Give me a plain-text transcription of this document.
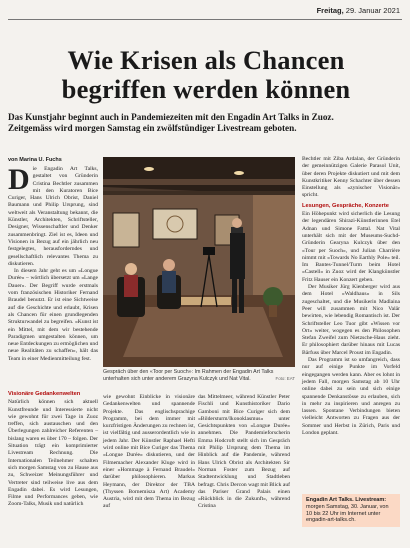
Freitag, 29. Januar 2021
Wie Krisen als Chancen
begriffen werden können
Das Kunstjahr beginnt auch in Pandemiezeiten mit den Engadin Art Talks in Zuoz.
Zeitgemäss wird morgen Samstag ein zwölfstündiger Livestream geboten.
von Marina U. Fuchs
D ie Engadin Art Talks, gestaltet von Gründerin Cristina Bechtler zusammen mit den Kuratoren Bice Curiger, Hans Ulrich Obrist, Daniel Baumann und Philip Ursprung, sind weltweit als Veranstaltung bekannt, die Künstler, Architekten, Schriftsteller, Designer, Wissenschaftler und Denker zusammenbringt. Ziel ist es, Ideen und Visionen in Bezug auf ein jährlich neu festgelegtes, herausforderndes und gesellschaftlich relevantes Thema zu diskutieren.

In diesem Jahr geht es um «Longue Durée» – wörtlich übersetzt um «Lange Dauer». Der Begriff wurde erstmals vom französischen Historiker Fernand Braudel benutzt. Er ist eine Sichtweise auf die Geschichte und erlaubt, Krisen als Chancen für einen grundlegenden Strukturwandel zu begreifen. «Kunst ist ein Mittel, mit dem wir bestehende Paradigmen umgestalten können, um neue Entdeckungen zu ermöglichen und neue Realitäten zu schaffen», hält das Team in einer Medienmitteilung fest.

Visionäre Gedankenwelten

Natürlich können sich aktuell Kunstfreunde und Interessierte nicht wie gewohnt für zwei Tage in Zuoz treffen, sich austauschen und den Überlegungen zahlreicher Referenten – bislang waren es über 170 – folgen. Der Situation trägt ein komprimierter Livestream Rechnung. Die Internationalen Teilnehmer schalten sich morgen Samstag von zu Hause aus zu, Schweizer Meinungsführer und Vertreter sind teilweise live aus dem Engadin dabei. Es wird Lesungen, Filme und Performances geben, wie Zoom-Talks, Musik und natürlich

Gespräch über den «Toor per Suoch»: Im Rahmen der Engadin Art Talks unterhalten sich unter anderem Grazyna Kulczyk und Nat Vital.	Foto: EAT

wie gewohnt Einblicke in visionäre Gedankenwelten und spannende Projekte. Das englischsprachige Programm, bei dem immer mit kurzfristigen Änderungen zu rechnen ist, ist vielfältig und ausserordentlich wie in jedem Jahr. Der Künstler Raphael Hefti wird online mit Bice Curiger das Thema «Longue Durée» diskutieren, und der Filmemacher Alexander Kluge wird in einer «Hommage à Fernand Braudel» darüber philosophieren. Markus Heymann, der Direktor der TBA (Thyssen Bornemisza Art) Academy Austria, wird mit dem Thema im Bezug auf

das Mittelmeer, während Künstler Peter Fischli und Kunsthistoriker Dario Gamboni mit Bice Curiger sich dem «Bildersturm/Ikonoklasmus» unter Gesichtspunkten von «Longue Durée» annehmen. Die Pandemieforscherin Emma Hodcroft stellt sich im Gespräch mit Philip Ursprung dem Thema im Hinblick auf die Pandemie, während Hans Ulrich Obrist als Architekten Sir Norman Foster zum Bezug auf Stadtentwicklung und Stadtleben befragt. Chris Dercon wagt mit Blick auf das Pariser Grand Palais einen «Rückblick in die Zukunft», während Cristina

Bechtler mit Ziba Ardalan, der Gründerin der gemeinnützigen Galerie Parasol Unit, über deren Projekte diskutiert und mit dem Kunstkritiker Kenny Schachter über dessen Einstellung als «zynischer Visionär» spricht.

Lesungen, Gespräche, Konzerte

Ein Höhepunkt wird sicherlich die Lesung der legendären Shirazi-Künstlerinnen Etel Adnan und Simone Fattal. Nat Vital unterhält sich mit der Museums-Suchd-Gründerin Gearyna Kulczyk über den «Tour per Suoch», und Julian Charrière nimmt mit «Towards No Earthly Pole» teil. Im Bantes-Tunnel/Turm beim Hotel «Castell» in Zuoz wird der Klangkünstler Fritz Hauser ein Konzert geben.

Der Musiker Jürg Kienberger wird aus dem Hotel «Waldhaus» in Sils zugeschaltet, und die Musikerin Madlaina Peer will zusammen mit Nico Valär bewirten, wie lebendig Romantisch ist. Der Schriftsteller Leo Tuor gibt «Wissen vor Ort» weiter, wogegen es den Philosophen Stefan Zweifel zum Nietzsche-Haus zieht. Er philosophiert darüber hinaus mit Lucas Bärfuss über Marcel Proust im Engadin.

Das Programm ist so umfangreich, dass nur auf einige Punkte im Vorfeld eingegangen werden kann. Aber es lohnt in jedem Fall, morgen Samstag ab 10 Uhr online dabei zu sein und sich einige spannende Denkanstösse zu erlauben, sich in mehr zu inspirieren und anregen zu lassen. Spontane Verbindungen bieten vielleicht Antworten zu Fragen aus der Sommer und Herbst in Zürich, Paris und London geplant.

Engadin Art Talks. Livestream: morgen Samstag, 30. Januar, von 10 bis 22 Uhr im Internet unter engadin-art-talks.ch.
